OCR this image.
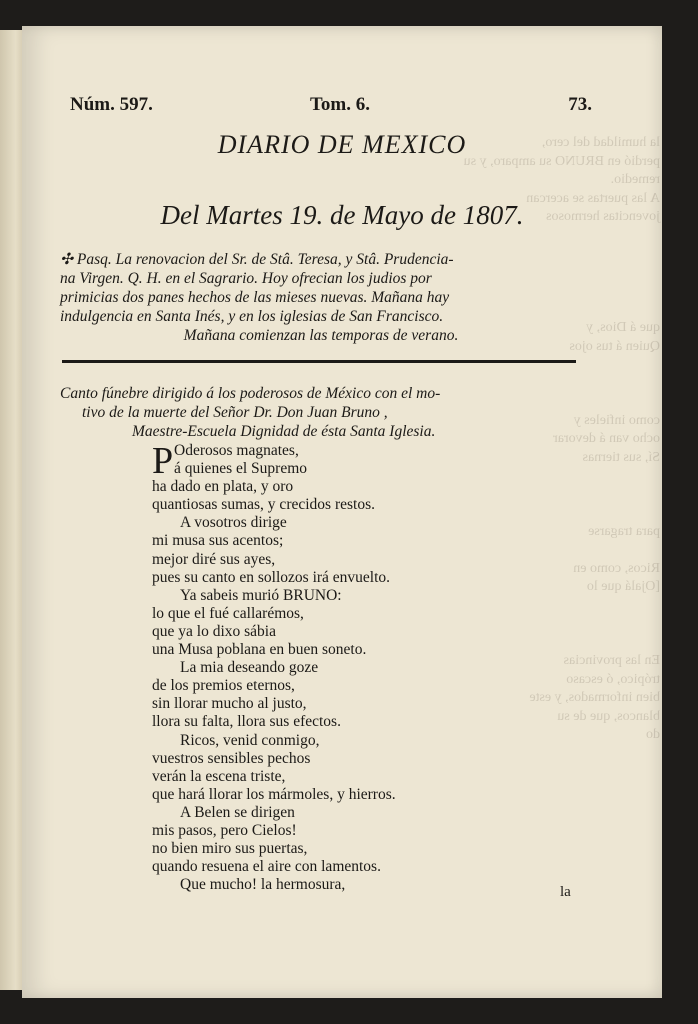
la humildad del cero,
perdió en BRUNO su amparo, y su remedio.
A las puertas se acercan
jovencitas hermosos

que á Dios, y
Quien á tus ojos

como infieles y
ocho van á devorar
Sí, sus tiernas

para tragarse

Ricos, como en
[Ojalá que lo

En las provincias
trópico, ó escaso
bien informados, y este
blancos, que de su
do
Núm. 597.	Tom. 6.	73.
DIARIO DE MEXICO
Del Martes 19. de Mayo de 1807.
✣ Pasq. La renovacion del Sr. de Stâ. Teresa, y Stâ. Prudencia-
na Virgen. Q. H. en el Sagrario. Hoy ofrecian los judios por
primicias dos panes hechos de las mieses nuevas. Mañana hay
indulgencia en Santa Inés, y en los iglesias de San Francisco.
Mañana comienzan las temporas de verano.
Canto fúnebre dirigido á los poderosos de México con el mo-
tivo de la muerte del Señor Dr. Don Juan Bruno ,
Maestre-Escuela Dignidad de ésta Santa Iglesia.
P Oderosos magnates,
á quienes el Supremo
ha dado en plata, y oro
quantiosas sumas, y crecidos restos.
A vosotros dirige
mi musa sus acentos;
mejor diré sus ayes,
pues su canto en sollozos irá envuelto.
Ya sabeis murió BRUNO:
lo que el fué callarémos,
que ya lo dixo sábia
una Musa poblana en buen soneto.
La mia deseando goze
de los premios eternos,
sin llorar mucho al justo,
llora su falta, llora sus efectos.
Ricos, venid conmigo,
vuestros sensibles pechos
verán la escena triste,
que hará llorar los mármoles, y hierros.
A Belen se dirigen
mis pasos, pero Cielos!
no bien miro sus puertas,
quando resuena el aire con lamentos.
Que mucho! la hermosura,	la
